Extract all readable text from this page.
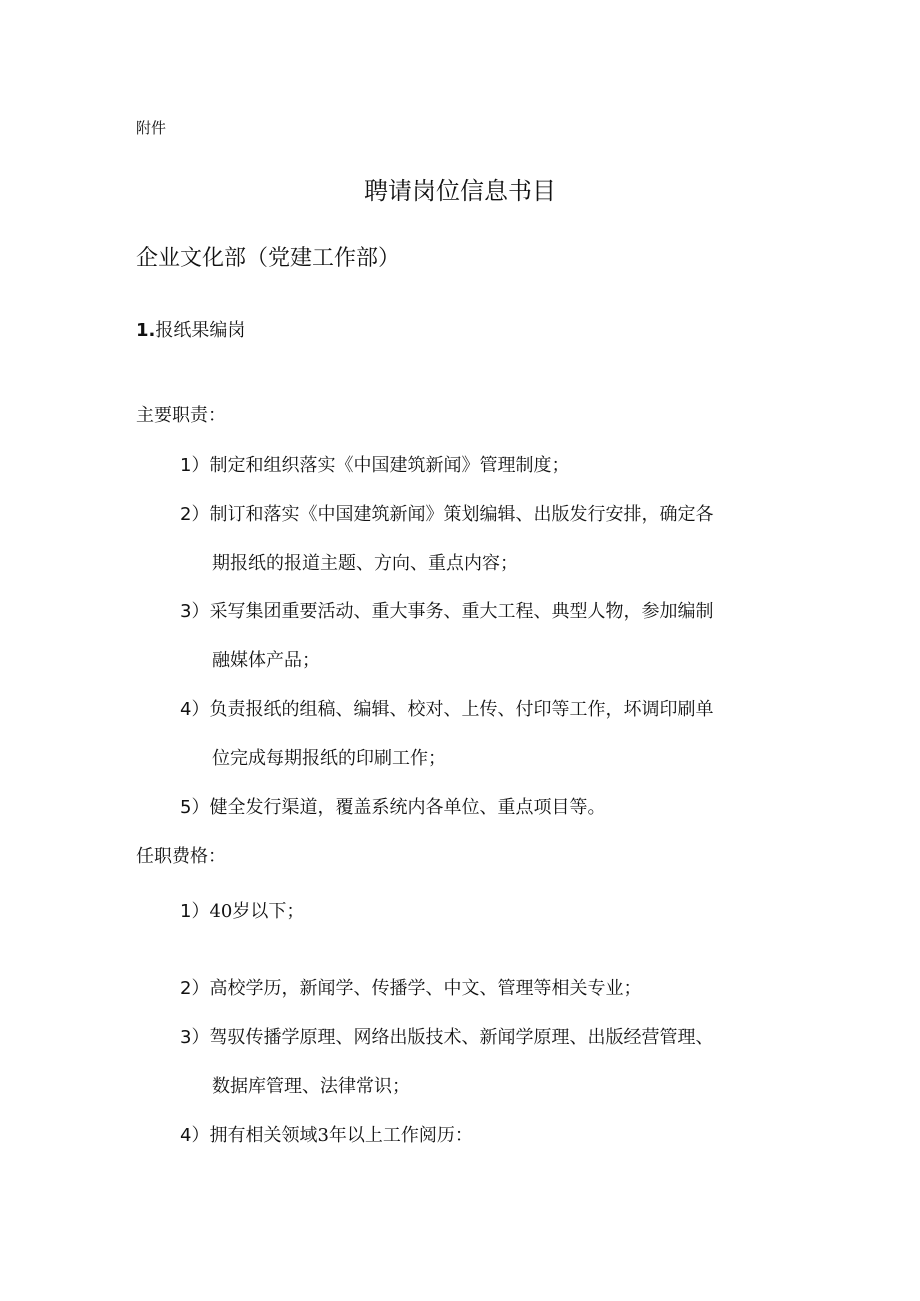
附件
聘请岗位信息书目
企业文化部（党建工作部）
1.报纸果编岗
主要职责：
1）制定和组织落实《中国建筑新闻》管理制度；
2）制订和落实《中国建筑新闻》策划编辑、出版发行安排，确定各
期报纸的报道主题、方向、重点内容；
3）采写集团重要活动、重大事务、重大工程、典型人物，参加编制
融媒体产品；
4）负责报纸的组稿、编辑、校对、上传、付印等工作，坏调印刷单
位完成每期报纸的印刷工作；
5）健全发行渠道，覆盖系统内各单位、重点项目等。
任职费格：
1）40岁以下；
2）高校学历，新闻学、传播学、中文、管理等相关专业；
3）驾驭传播学原理、网络出版技术、新闻学原理、出版经营管理、
数据库管理、法律常识；
4）拥有相关领域3年以上工作阅历：
